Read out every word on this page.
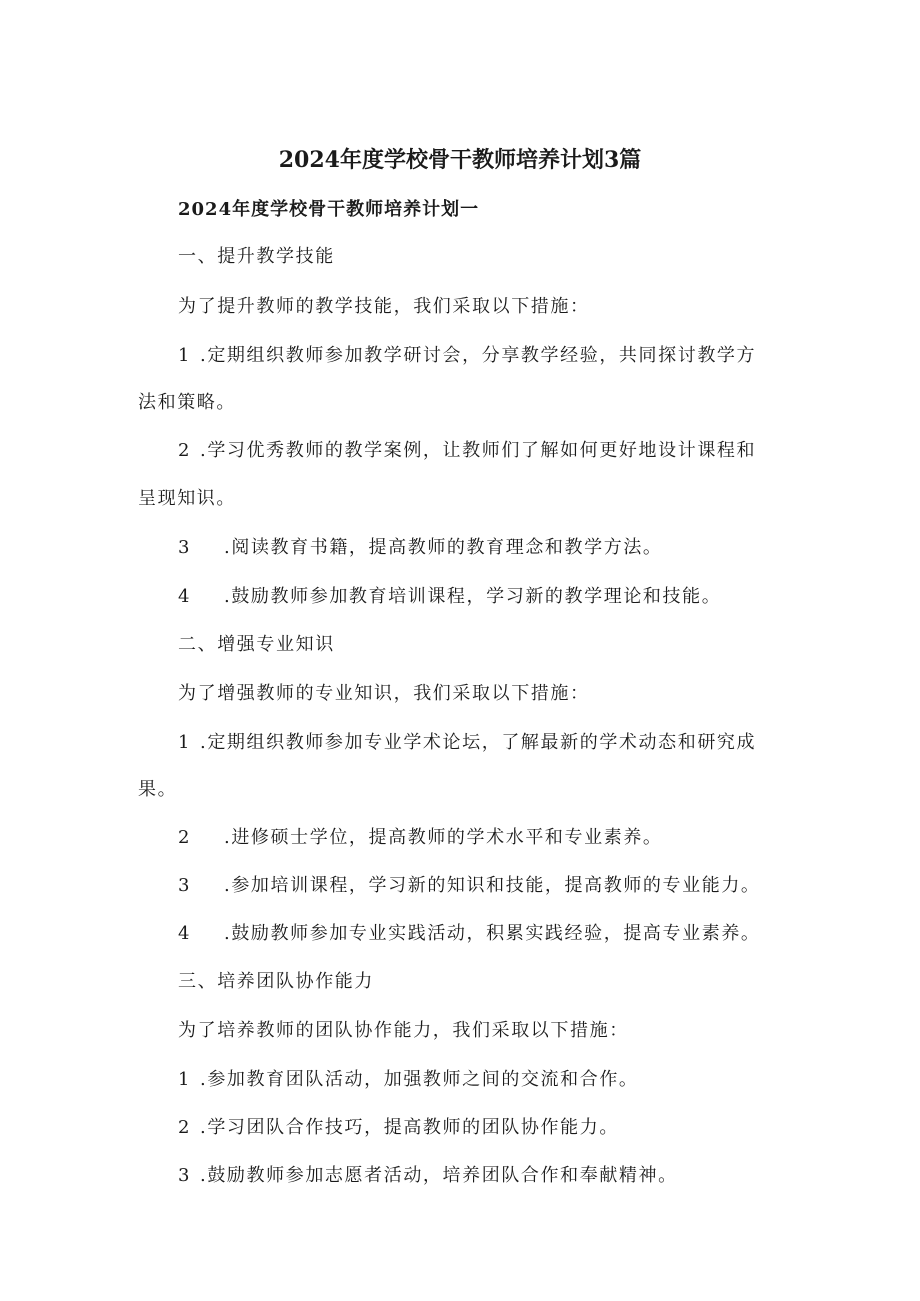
2024年度学校骨干教师培养计划3篇
2024年度学校骨干教师培养计划一
一、提升教学技能
为了提升教师的教学技能，我们采取以下措施：
1 .定期组织教师参加教学研讨会，分享教学经验，共同探讨教学方
法和策略。
2 .学习优秀教师的教学案例，让教师们了解如何更好地设计课程和
呈现知识。
3 .阅读教育书籍，提高教师的教育理念和教学方法。
4 .鼓励教师参加教育培训课程，学习新的教学理论和技能。
二、增强专业知识
为了增强教师的专业知识，我们采取以下措施：
1 .定期组织教师参加专业学术论坛，了解最新的学术动态和研究成
果。
2 .进修硕士学位，提高教师的学术水平和专业素养。
3 .参加培训课程，学习新的知识和技能，提高教师的专业能力。
4 .鼓励教师参加专业实践活动，积累实践经验，提高专业素养。
三、培养团队协作能力
为了培养教师的团队协作能力，我们采取以下措施：
1 .参加教育团队活动，加强教师之间的交流和合作。
2 .学习团队合作技巧，提高教师的团队协作能力。
3 .鼓励教师参加志愿者活动，培养团队合作和奉献精神。
